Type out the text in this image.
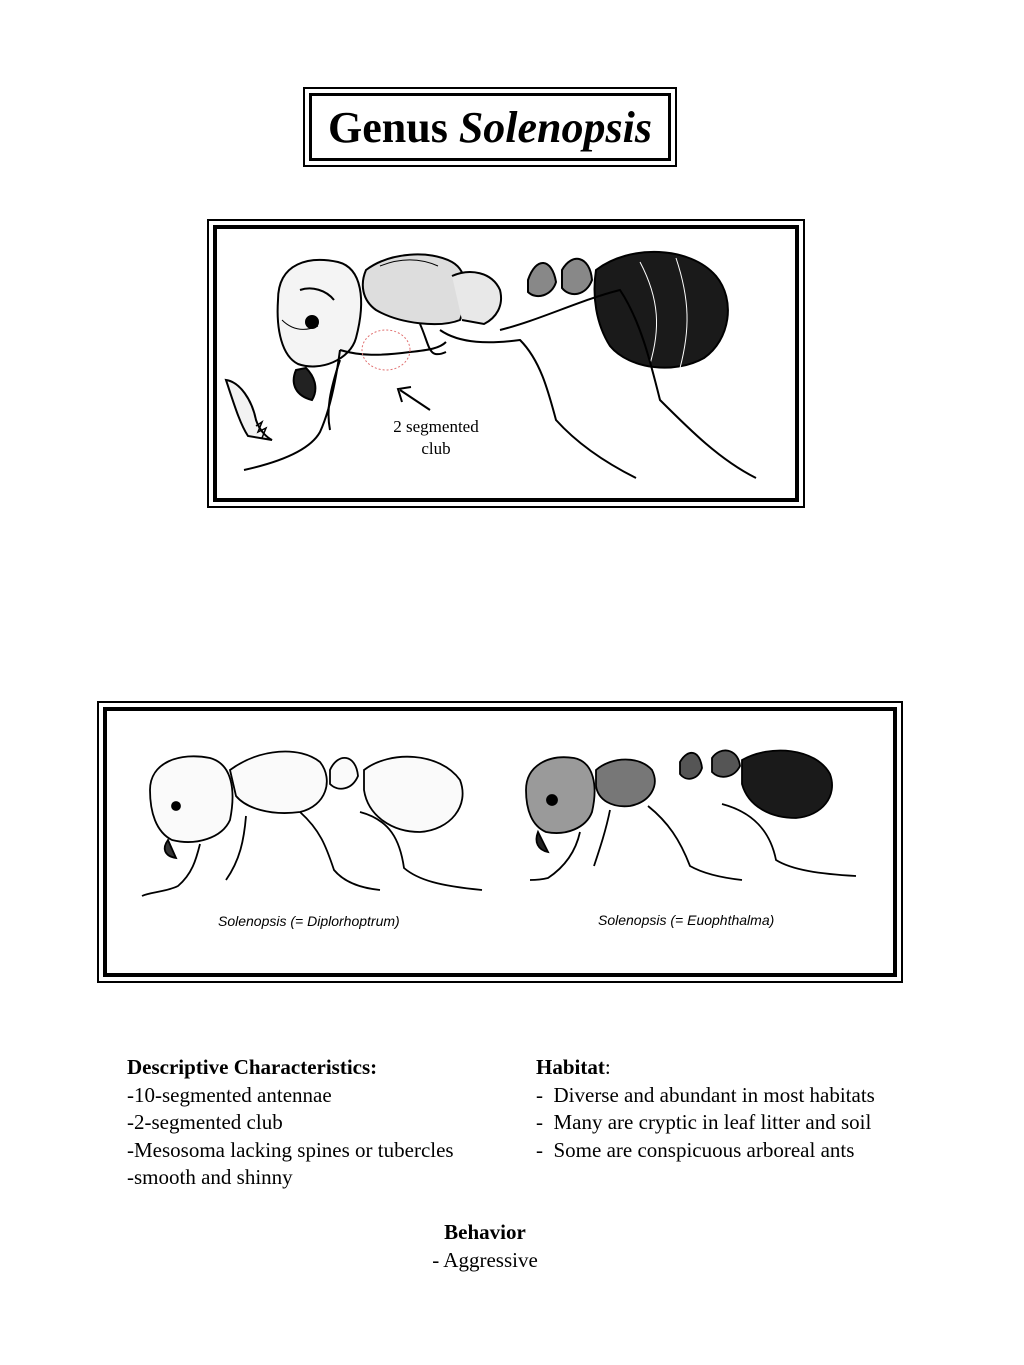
Genus Solenopsis
2 segmented
club
Solenopsis (= Diplorhoptrum)	Solenopsis (= Euophthalma)
Descriptive Characteristics:
-10-segmented antennae
-2-segmented club
-Mesosoma lacking spines or tubercles
-smooth and shinny
Habitat:
-  Diverse and abundant in most habitats
-  Many are cryptic in leaf litter and soil
-  Some are conspicuous arboreal ants
Behavior
- Aggressive
